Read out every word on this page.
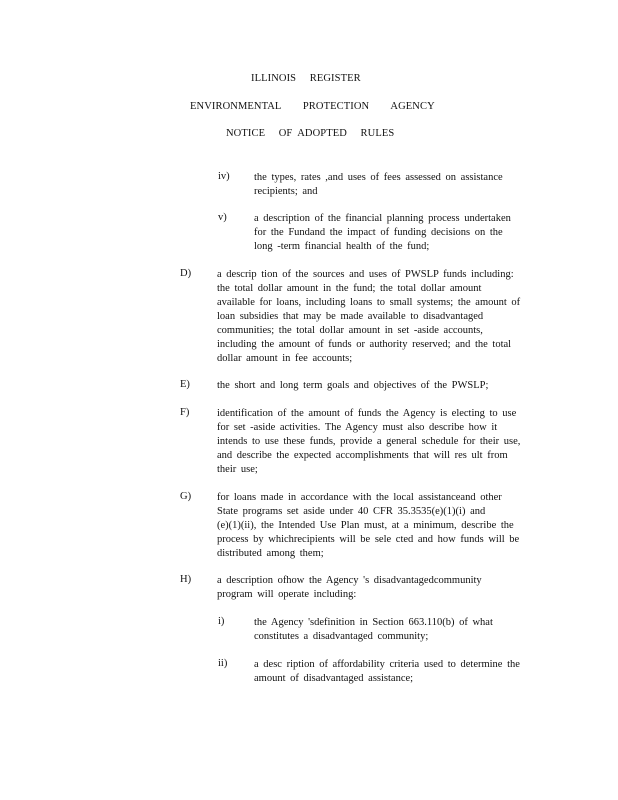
ILLINOIS     REGISTER
ENVIRONMENTAL        PROTECTION        AGENCY
NOTICE     OF  ADOPTED     RULES
iv) the types, rates ,and uses of fees assessed on assistance
recipients; and
v)	a description of the financial planning process undertaken
for the Fundand the impact of funding decisions on the
long -term financial health of the fund;
D) a descrip tion of the sources and uses of PWSLP funds including:
the total dollar amount in the fund; the total dollar amount
available for loans, including loans to small systems; the amount of
loan subsidies that may be made available to disadvantaged
communities; the total dollar amount in set -aside accounts,
including the amount of funds or authority reserved; and the total
dollar amount in fee accounts;
E)	the short and long term goals and objectives of the PWSLP;
F)	identification of the amount of funds the Agency is electing to use
for set -aside activities. The Agency must also describe how it
intends to use these funds, provide a general schedule for their use,
and describe the expected accomplishments that will res ult from
their use;
G) for loans made in accordance with the local assistanceand other
State programs set aside under 40 CFR 35.3535(e)(1)(i) and
(e)(1)(ii), the Intended Use Plan must, at a minimum, describe the
process by whichrecipients will be sele cted and how funds will be
distributed among them;
H) a description ofhow the Agency 's disadvantagedcommunity
program will operate including:
i)	the Agency 'sdefinition in Section 663.110(b) of what
constitutes a disadvantaged community;
ii)	a desc ription of affordability criteria used to determine the
amount of disadvantaged assistance;
